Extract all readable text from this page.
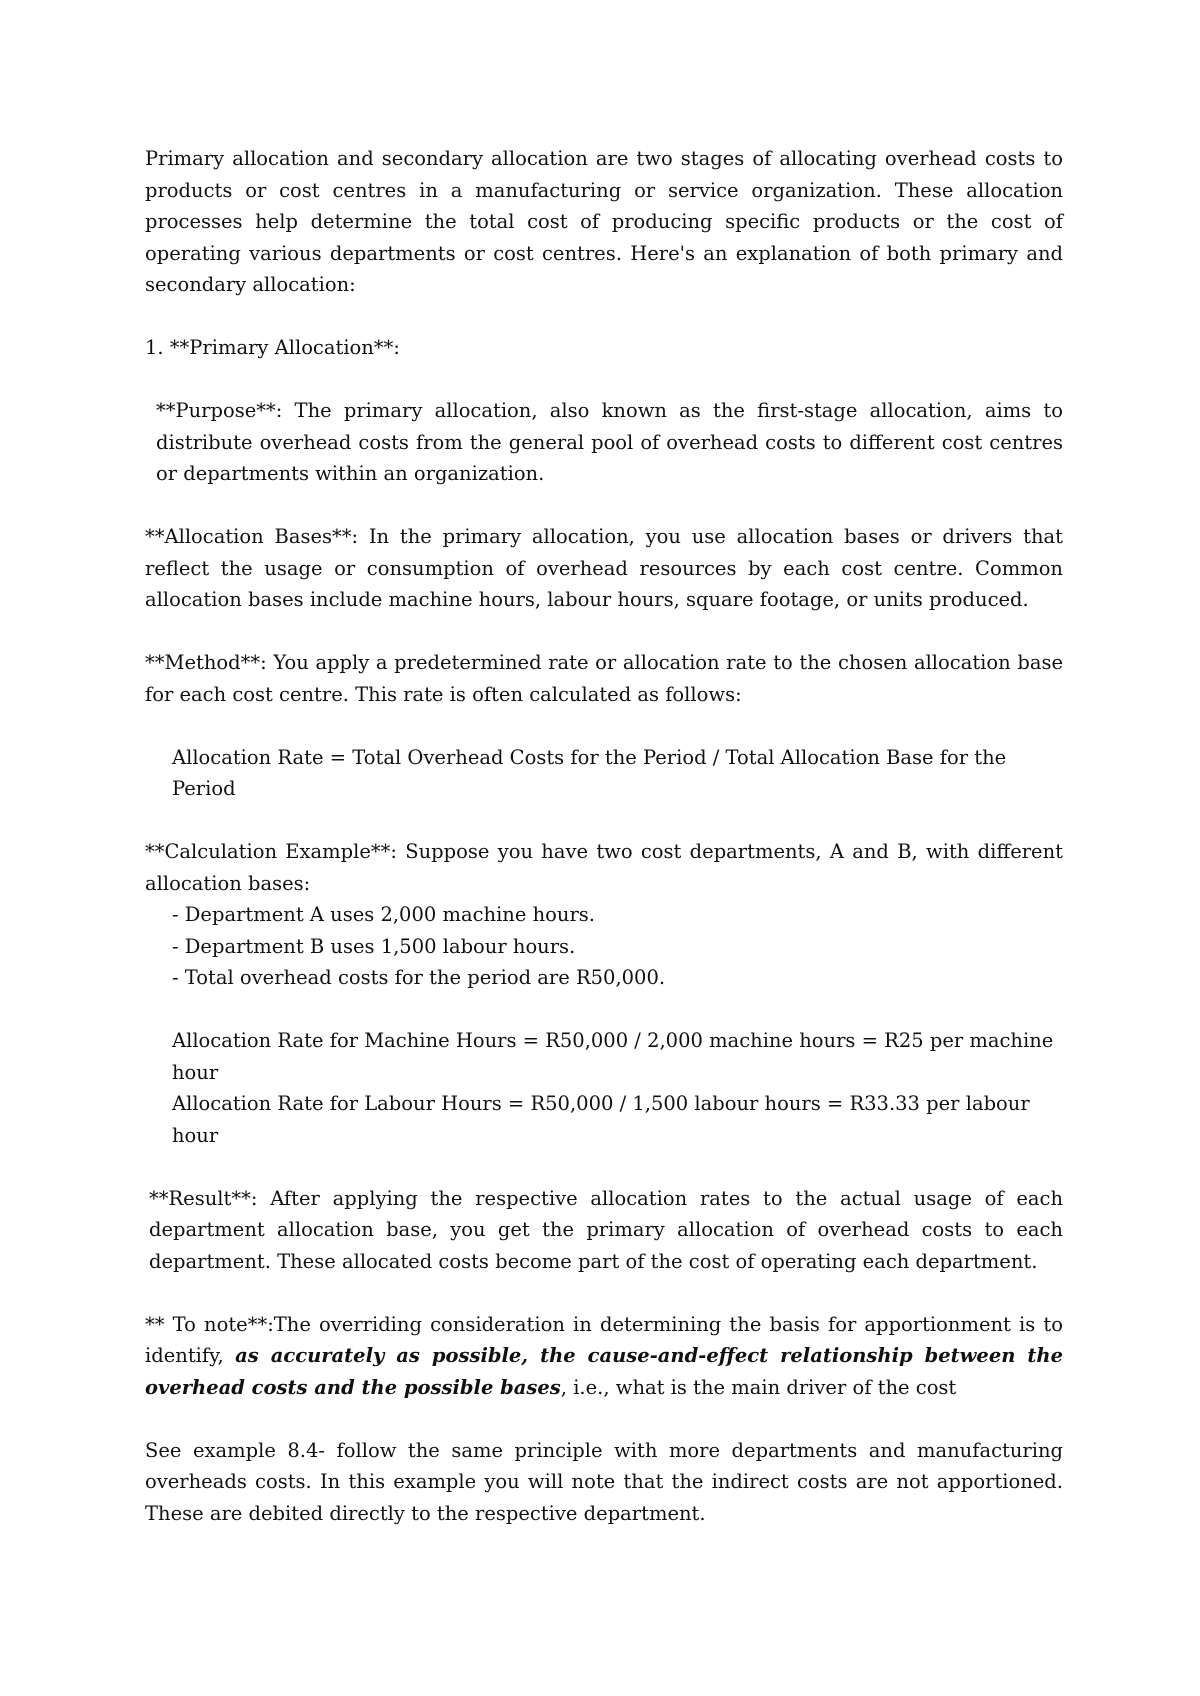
Primary allocation and secondary allocation are two stages of allocating overhead costs to products or cost centres in a manufacturing or service organization. These allocation processes help determine the total cost of producing specific products or the cost of operating various departments or cost centres. Here's an explanation of both primary and secondary allocation:

1. **Primary Allocation**:

**Purpose**: The primary allocation, also known as the first-stage allocation, aims to distribute overhead costs from the general pool of overhead costs to different cost centres or departments within an organization.

**Allocation Bases**: In the primary allocation, you use allocation bases or drivers that reflect the usage or consumption of overhead resources by each cost centre. Common allocation bases include machine hours, labour hours, square footage, or units produced.

**Method**: You apply a predetermined rate or allocation rate to the chosen allocation base for each cost centre. This rate is often calculated as follows:

Allocation Rate = Total Overhead Costs for the Period / Total Allocation Base for the Period

**Calculation Example**: Suppose you have two cost departments, A and B, with different allocation bases:

- Department A uses 2,000 machine hours.

- Department B uses 1,500 labour hours.

- Total overhead costs for the period are R50,000.

Allocation Rate for Machine Hours = R50,000 / 2,000 machine hours = R25 per machine hour

Allocation Rate for Labour Hours = R50,000 / 1,500 labour hours = R33.33 per labour hour

**Result**: After applying the respective allocation rates to the actual usage of each department allocation base, you get the primary allocation of overhead costs to each department. These allocated costs become part of the cost of operating each department.

** To note**:The overriding consideration in determining the basis for apportionment is to identify, as accurately as possible, the cause-and-effect relationship between the overhead costs and the possible bases, i.e., what is the main driver of the cost

See example 8.4- follow the same principle with more departments and manufacturing overheads costs. In this example you will note that the indirect costs are not apportioned. These are debited directly to the respective department.
